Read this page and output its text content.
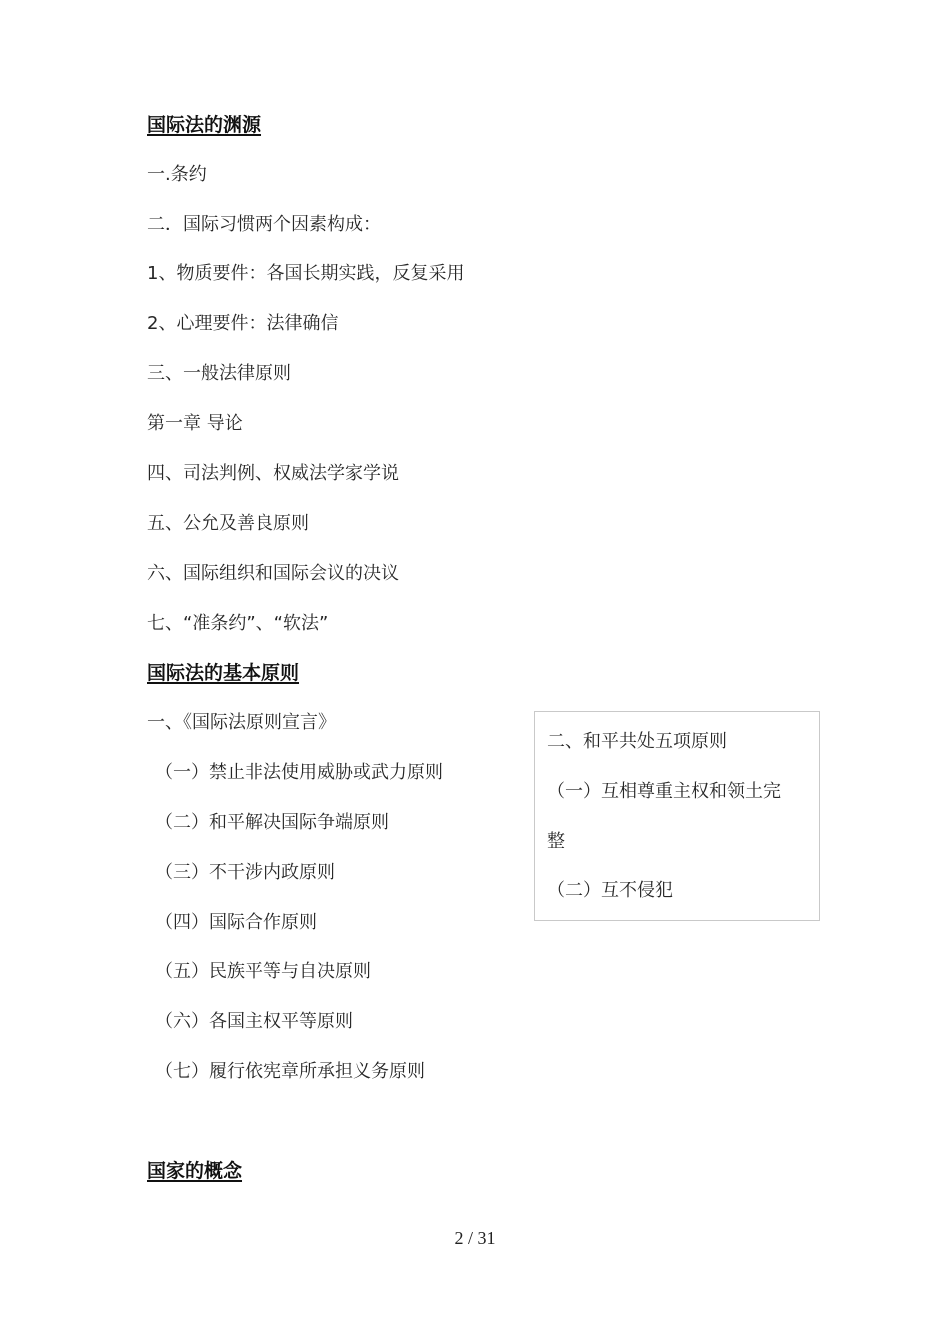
国际法的渊源
一.条约
二．国际习惯两个因素构成：
1、物质要件：各国长期实践，反复采用
2、心理要件：法律确信
三、一般法律原则
第一章 导论
四、司法判例、权威法学家学说
五、公允及善良原则
六、国际组织和国际会议的决议
七、“准条约”、“软法”
国际法的基本原则
一、《国际法原则宣言》
（一）禁止非法使用威胁或武力原则
（二）和平解决国际争端原则
（三）不干涉内政原则
（四）国际合作原则
（五）民族平等与自决原则
（六）各国主权平等原则
（七）履行依宪章所承担义务原则
二、和平共处五项原则
（一）互相尊重主权和领土完
整
（二）互不侵犯
国家的概念
2 / 31
